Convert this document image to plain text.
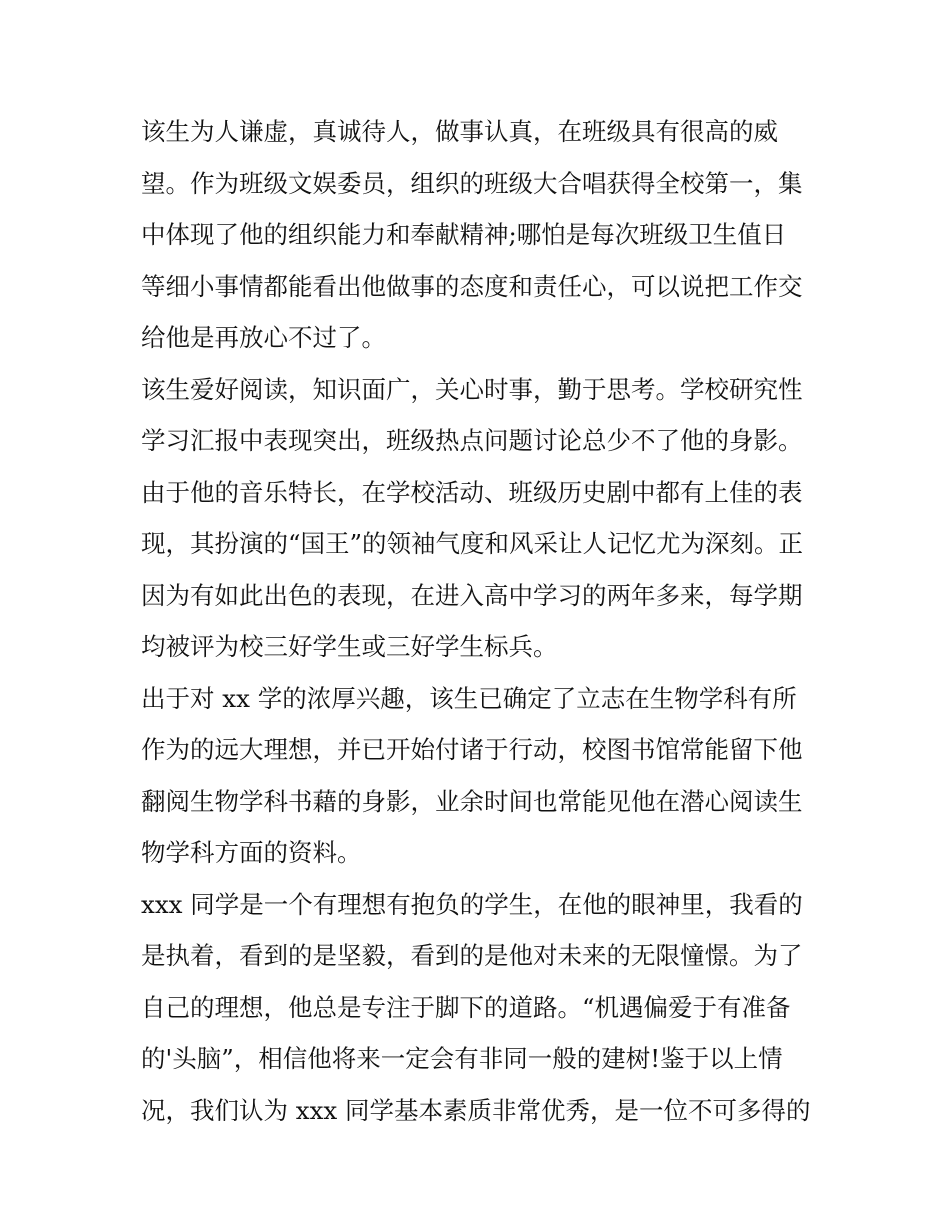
该生为人谦虚，真诚待人，做事认真，在班级具有很高的威
望。作为班级文娱委员，组织的班级大合唱获得全校第一，集
中体现了他的组织能力和奉献精神;哪怕是每次班级卫生值日
等细小事情都能看出他做事的态度和责任心，可以说把工作交
给他是再放心不过了。
该生爱好阅读，知识面广，关心时事，勤于思考。学校研究性
学习汇报中表现突出，班级热点问题讨论总少不了他的身影。
由于他的音乐特长，在学校活动、班级历史剧中都有上佳的表
现，其扮演的“国王”的领袖气度和风采让人记忆尤为深刻。正
因为有如此出色的表现，在进入高中学习的两年多来，每学期
均被评为校三好学生或三好学生标兵。
出于对 xx 学的浓厚兴趣，该生已确定了立志在生物学科有所
作为的远大理想，并已开始付诸于行动，校图书馆常能留下他
翻阅生物学科书藉的身影，业余时间也常能见他在潜心阅读生
物学科方面的资料。
xxx 同学是一个有理想有抱负的学生，在他的眼神里，我看的
是执着，看到的是坚毅，看到的是他对未来的无限憧憬。为了
自己的理想，他总是专注于脚下的道路。“机遇偏爱于有准备
的'头脑”，相信他将来一定会有非同一般的建树!鉴于以上情
况，我们认为 xxx 同学基本素质非常优秀，是一位不可多得的
